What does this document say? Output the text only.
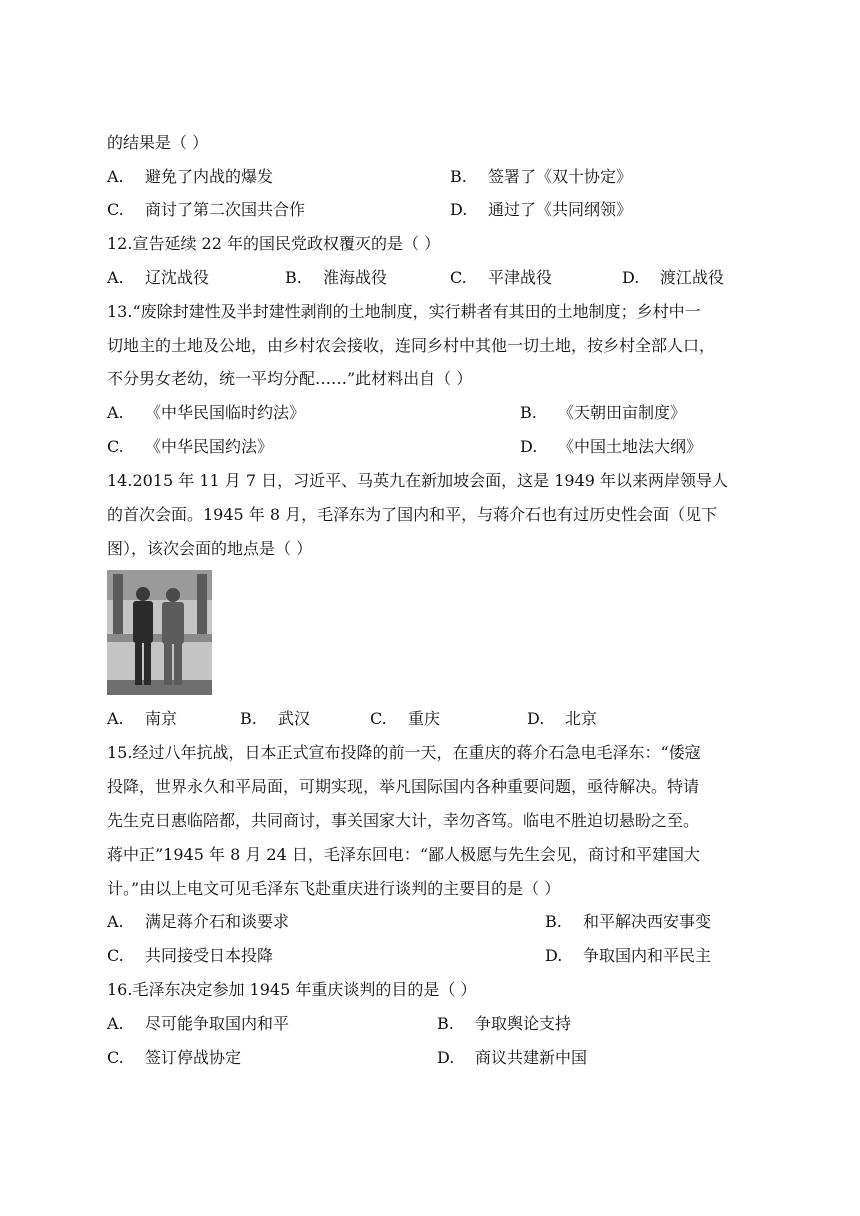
的结果是（ ）
A. 避免了内战的爆发	B. 签署了《双十协定》
C. 商讨了第二次国共合作	D. 通过了《共同纲领》
12.宣告延续 22 年的国民党政权覆灭的是（ ）
A. 辽沈战役	B. 淮海战役	C. 平津战役	D. 渡江战役
13.“废除封建性及半封建性剥削的土地制度，实行耕者有其田的土地制度；乡村中一
切地主的土地及公地，由乡村农会接收，连同乡村中其他一切土地，按乡村全部人口，
不分男女老幼，统一平均分配……”此材料出自（ ）
A. 《中华民国临时约法》	B. 《天朝田亩制度》
C. 《中华民国约法》	D. 《中国土地法大纲》
14.2015 年 11 月 7 日，习近平、马英九在新加坡会面，这是 1949 年以来两岸领导人
的首次会面。1945 年 8 月，毛泽东为了国内和平，与蒋介石也有过历史性会面（见下
图），该次会面的地点是（ ）
A. 南京	B. 武汉	C. 重庆	D. 北京
15.经过八年抗战，日本正式宣布投降的前一天，在重庆的蒋介石急电毛泽东：“倭寇
投降，世界永久和平局面，可期实现，举凡国际国内各种重要问题，亟待解决。特请
先生克日惠临陪都，共同商讨，事关国家大计，幸勿吝笃。临电不胜迫切悬盼之至。
蒋中正”1945 年 8 月 24 日，毛泽东回电：“鄙人极愿与先生会见，商讨和平建国大
计。”由以上电文可见毛泽东飞赴重庆进行谈判的主要目的是（ ）
A. 满足蒋介石和谈要求	B. 和平解决西安事变
C. 共同接受日本投降	D. 争取国内和平民主
16.毛泽东决定参加 1945 年重庆谈判的目的是（ ）
A. 尽可能争取国内和平	B. 争取舆论支持
C. 签订停战协定	D. 商议共建新中国
